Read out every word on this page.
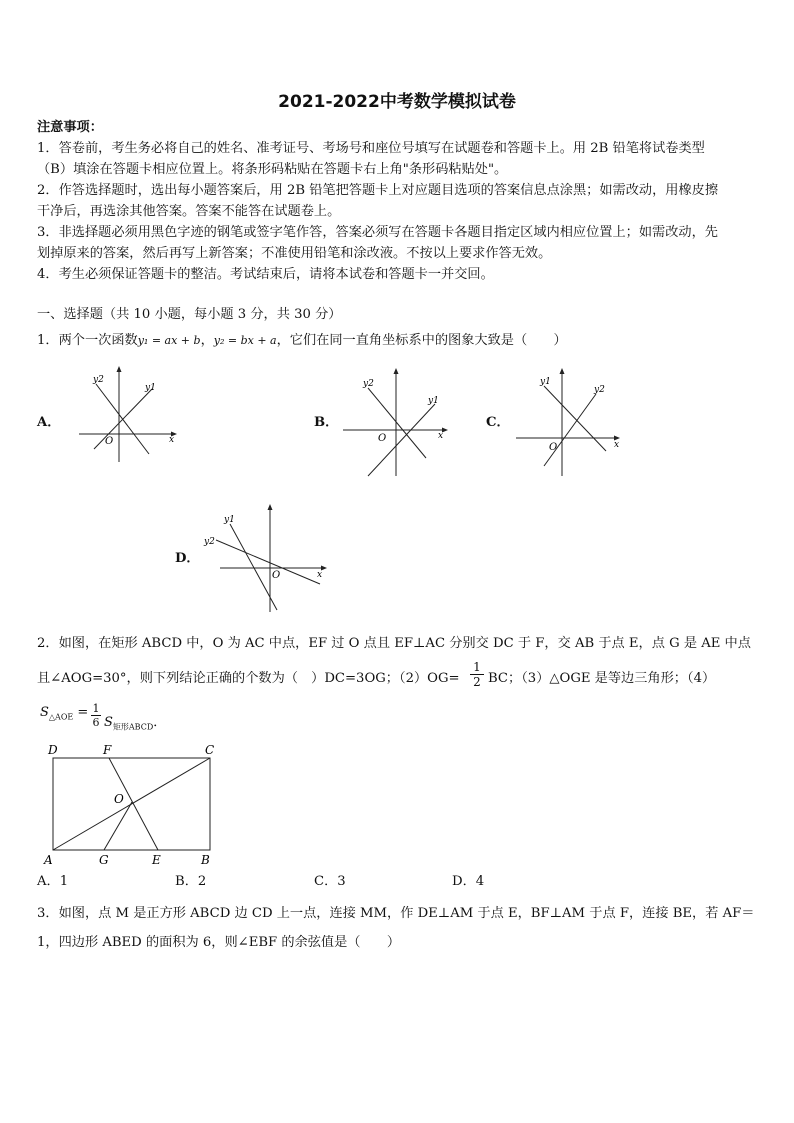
2021-2022中考数学模拟试卷
注意事项：
1．答卷前，考生务必将自己的姓名、准考证号、考场号和座位号填写在试题卷和答题卡上。用 2B 铅笔将试卷类型
（B）填涂在答题卡相应位置上。将条形码粘贴在答题卡右上角"条形码粘贴处"。
2．作答选择题时，选出每小题答案后，用 2B 铅笔把答题卡上对应题目选项的答案信息点涂黑；如需改动，用橡皮擦
干净后，再选涂其他答案。答案不能答在试题卷上。
3．非选择题必须用黑色字迹的钢笔或签字笔作答，答案必须写在答题卡各题目指定区域内相应位置上；如需改动，先
划掉原来的答案，然后再写上新答案；不准使用铅笔和涂改液。不按以上要求作答无效。
4．考生必须保证答题卡的整洁。考试结束后，请将本试卷和答题卡一并交回。
一、选择题（共 10 小题，每小题 3 分，共 30 分）
1．两个一次函数y₁ = ax + b，y₂ = bx + a，它们在同一直角坐标系中的图象大致是（　　）
A．
y2
y1
O	x
B．
y2
y1
O	x
C．
y1
y2
O	x
D．
y1
y2
O	x
2．如图，在矩形 ABCD 中，O 为 AC 中点，EF 过 O 点且 EF⊥AC 分别交 DC 于 F，交 AB 于点 E，点 G 是 AE 中点
且∠AOG=30°，则下列结论正确的个数为（　）DC=3OG；$(2)OG= \frac{1}{2}$ BC；（3）△OGE 是等边三角形；（4）
$S_{\triangle AOE} = \frac{1}{6} S_{矩形ABCD}$．
D	F	C
O
A	G	E	B
A．1	B．2	C．3	D．4
3．如图，点 M 是正方形 ABCD 边 CD 上一点，连接 MM，作 DE⊥AM 于点 E，BF⊥AM 于点 F，连接 BE，若 AF＝
1，四边形 ABED 的面积为 6，则∠EBF 的余弦值是（　　）
